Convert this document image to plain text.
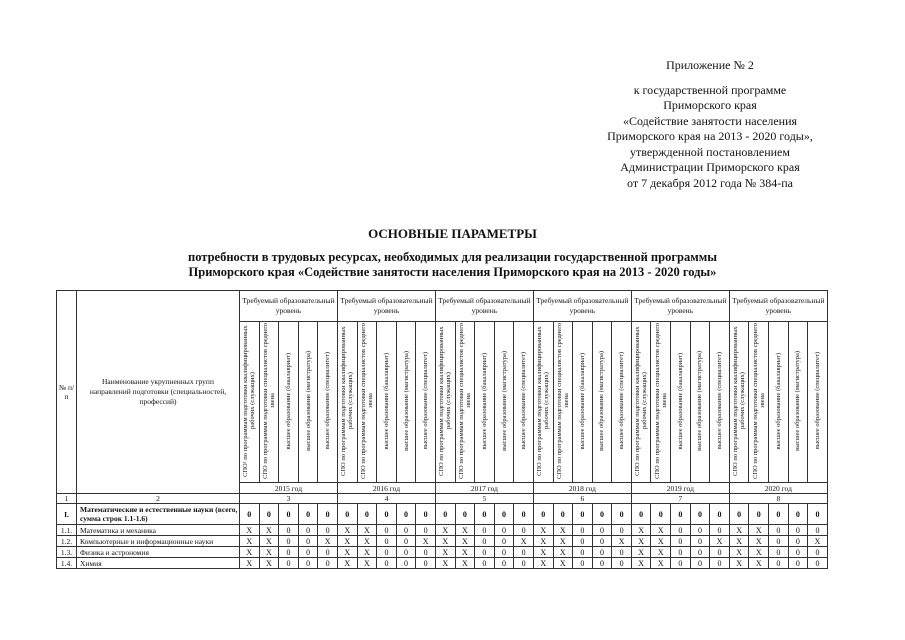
Приложение № 2
к государственной программе
Приморского края
«Содействие занятости населения
Приморского края на 2013 - 2020 годы»,
утвержденной постановлением
Администрации Приморского края
от 7 декабря 2012 года № 384-па
ОСНОВНЫЕ ПАРАМЕТРЫ
потребности в трудовых ресурсах, необходимых для реализации государственной программы
Приморского края «Содействие занятости населения Приморского края на 2013 - 2020 годы»
№ п/п	Наименование укрупненных групп направлений подготовки (специальностей, профессий)	Требуемый образовательный уровень					Требуемый образовательный уровень					Требуемый образовательный уровень					Требуемый образовательный уровень					Требуемый образовательный уровень					Требуемый образовательный уровень				
		СПО¹ по программам подготовки квалифицированных рабочих (служащих)	СПО по программам подготовки специалистов среднего звена	высшее образование (бакалавриат)	высшее образование (магистратура)	высшее образование (специалитет)	СПО по программам подготовки квалифицированных рабочих (служащих)	СПО по программам подготовки специалистов среднего звена	высшее образование (бакалавриат)	высшее образование (магистратура)	высшее образование (специалитет)	СПО по программам подготовки квалифицированных рабочих (служащих)	СПО по программам подготовки специалистов среднего звена	высшее образование (бакалавриат)	высшее образование (магистратура)	высшее образование (специалитет)	СПО по программам подготовки квалифицированных рабочих (служащих)	СПО по программам подготовки специалистов среднего звена	высшее образование (бакалавриат)	высшее образование (магистратура)	высшее образование (специалитет)	СПО по программам подготовки квалифицированных рабочих (служащих)	СПО по программам подготовки специалистов среднего звена	высшее образование (бакалавриат)	высшее образование (магистратура)	высшее образование (специалитет)	СПО по программам подготовки квалифицированных рабочих (служащих)	СПО по программам подготовки специалистов среднего звена	высшее образование (бакалавриат)	высшее образование (магистратура)	высшее образование (специалитет)
		2015 год					2016 год					2017 год					2018 год					2019 год					2020 год				
1	2	3					4					5					6					7					8				
I.	Математические и естественные науки (всего, сумма строк 1.1-1.6)	0	0	0	0	0	0	0	0	0	0	0	0	0	0	0	0	0	0	0	0	0	0	0	0	0	0	0	0	0	0
1.1.	Математика и механика	X	X	0	0	0	X	X	0	0	0	X	X	0	0	0	X	X	0	0	0	X	X	0	0	0	X	X	0	0	0
1.2.	Компьютерные и информационные науки	X	X	0	0	X	X	X	0	0	X	X	X	0	0	X	X	X	0	0	X	X	X	0	0	X	X	X	0	0	X
1.3.	Физика и астрономия	X	X	0	0	0	X	X	0	0	0	X	X	0	0	0	X	X	0	0	0	X	X	0	0	0	X	X	0	0	0
1.4.	Химия	X	X	0	0	0	X	X	0	0	0	X	X	0	0	0	X	X	0	0	0	X	X	0	0	0	X	X	0	0	0
